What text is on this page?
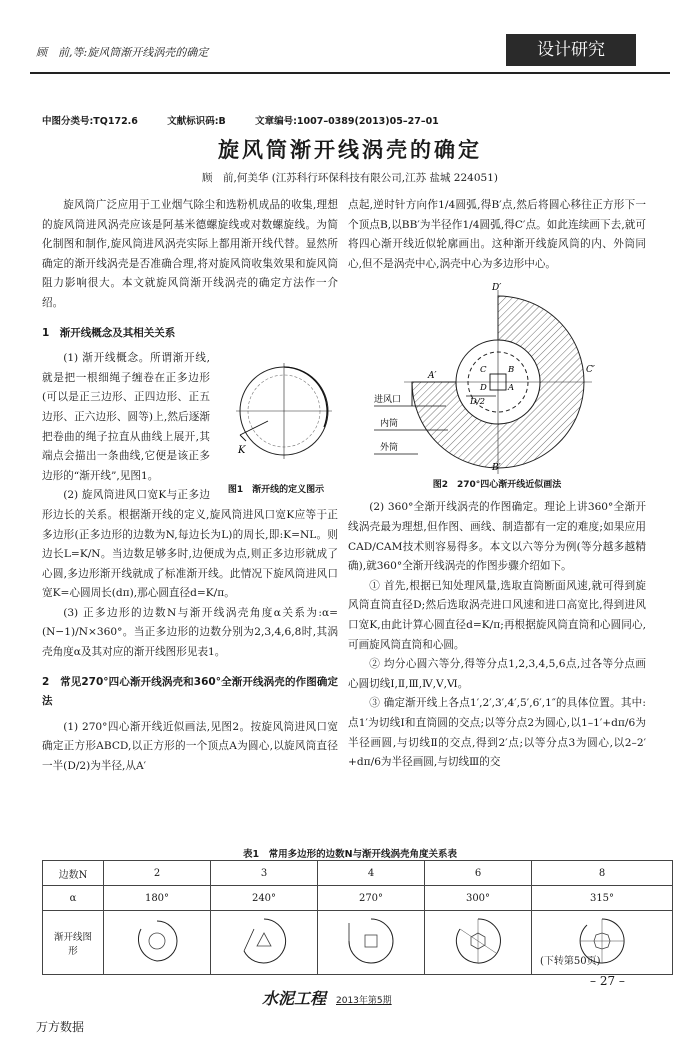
顾　前,等:旋风筒渐开线涡壳的确定	设计研究
中图分类号:TQ172.6	文献标识码:B	文章编号:1007–0389(2013)05–27–01
旋风筒渐开线涡壳的确定
顾　前,何美华 (江苏科行环保科技有限公司,江苏 盐城 224051)

旋风筒广泛应用于工业烟气除尘和选粉机成品的收集,理想的旋风筒进风涡壳应该是阿基米德螺旋线或对数螺旋线。为简化制图和制作,旋风筒进风涡壳实际上都用渐开线代替。显然所确定的渐开线涡壳是否准确合理,将对旋风筒收集效果和旋风筒阻力影响很大。本文就旋风筒渐开线涡壳的确定方法作一介绍。

1　渐开线概念及其相关关系

K
图1　渐开线的定义图示

(1) 渐开线概念。所谓渐开线,就是把一根细绳子缠卷在正多边形(可以是正三边形、正四边形、正五边形、正六边形、圆等)上,然后逐渐把卷曲的绳子拉直从曲线上展开,其端点会描出一条曲线,它便是该正多边形的“渐开线”,见图1。

(2) 旋风筒进风口宽K与正多边形边长的关系。根据渐开线的定义,旋风筒进风口宽K应等于正多边形(正多边形的边数为N,每边长为L)的周长,即:K=NL。则边长L=K/N。当边数足够多时,边便成为点,则正多边形就成了心圆,多边形渐开线就成了标准渐开线。此情况下旋风筒进风口宽K=心圆周长(dπ),那心圆直径d=K/π。

(3) 正多边形的边数N与渐开线涡壳角度α关系为:α=(N−1)/N×360°。当正多边形的边数分别为2,3,4,6,8时,其涡壳角度α及其对应的渐开线图形见表1。

2　常见270°四心渐开线涡壳和360°全渐开线涡壳的作图确定法

(1) 270°四心渐开线近似画法,见图2。按旋风筒进风口宽确定正方形ABCD,以正方形的一个顶点A为圆心,以旋风筒直径一半(D/2)为半径,从A′

点起,逆时针方向作1/4圆弧,得B′点,然后将圆心移往正方形下一个顶点B,以BB′为半径作1/4圆弧,得C′点。如此连续画下去,就可将四心渐开线近似轮廓画出。这种渐开线旋风筒的内、外筒同心,但不是涡壳中心,涡壳中心为多边形中心。

D′
C′
A′
B′
C	B
D A
D/2
进风口
内筒
外筒
图2　270°四心渐开线近似画法

(2) 360°全渐开线涡壳的作图确定。理论上讲360°全渐开线涡壳最为理想,但作图、画线、制造都有一定的难度;如果应用CAD/CAM技术则容易得多。本文以六等分为例(等分越多越精确),就360°全渐开线涡壳的作图步骤介绍如下。

① 首先,根据已知处理风量,选取直筒断面风速,就可得到旋风筒直筒直径D;然后选取涡壳进口风速和进口高宽比,得到进风口宽K,由此计算心圆直径d=K/π;再根据旋风筒直筒和心圆同心,可画旋风筒直筒和心圆。

② 均分心圆六等分,得等分点1,2,3,4,5,6点,过各等分点画心圆切线Ⅰ,Ⅱ,Ⅲ,Ⅳ,Ⅴ,Ⅵ。

③ 确定渐开线上各点1′,2′,3′,4′,5′,6′,1″的具体位置。其中:点1′为切线Ⅰ和直筒圆的交点;以等分点2为圆心,以1–1′+dπ/6为半径画圆,与切线Ⅱ的交点,得到2′点;以等分点3为圆心,以2–2′+dπ/6为半径画圆,与切线Ⅲ的交

表1　常用多边形的边数N与渐开线涡壳角度关系表
边数N	2	3	4	6	8
α	180°	240°	270°	300°	315°
渐开线图形					
(下转第50页)
– 27 –
水泥工程 2013年第5期
万方数据
